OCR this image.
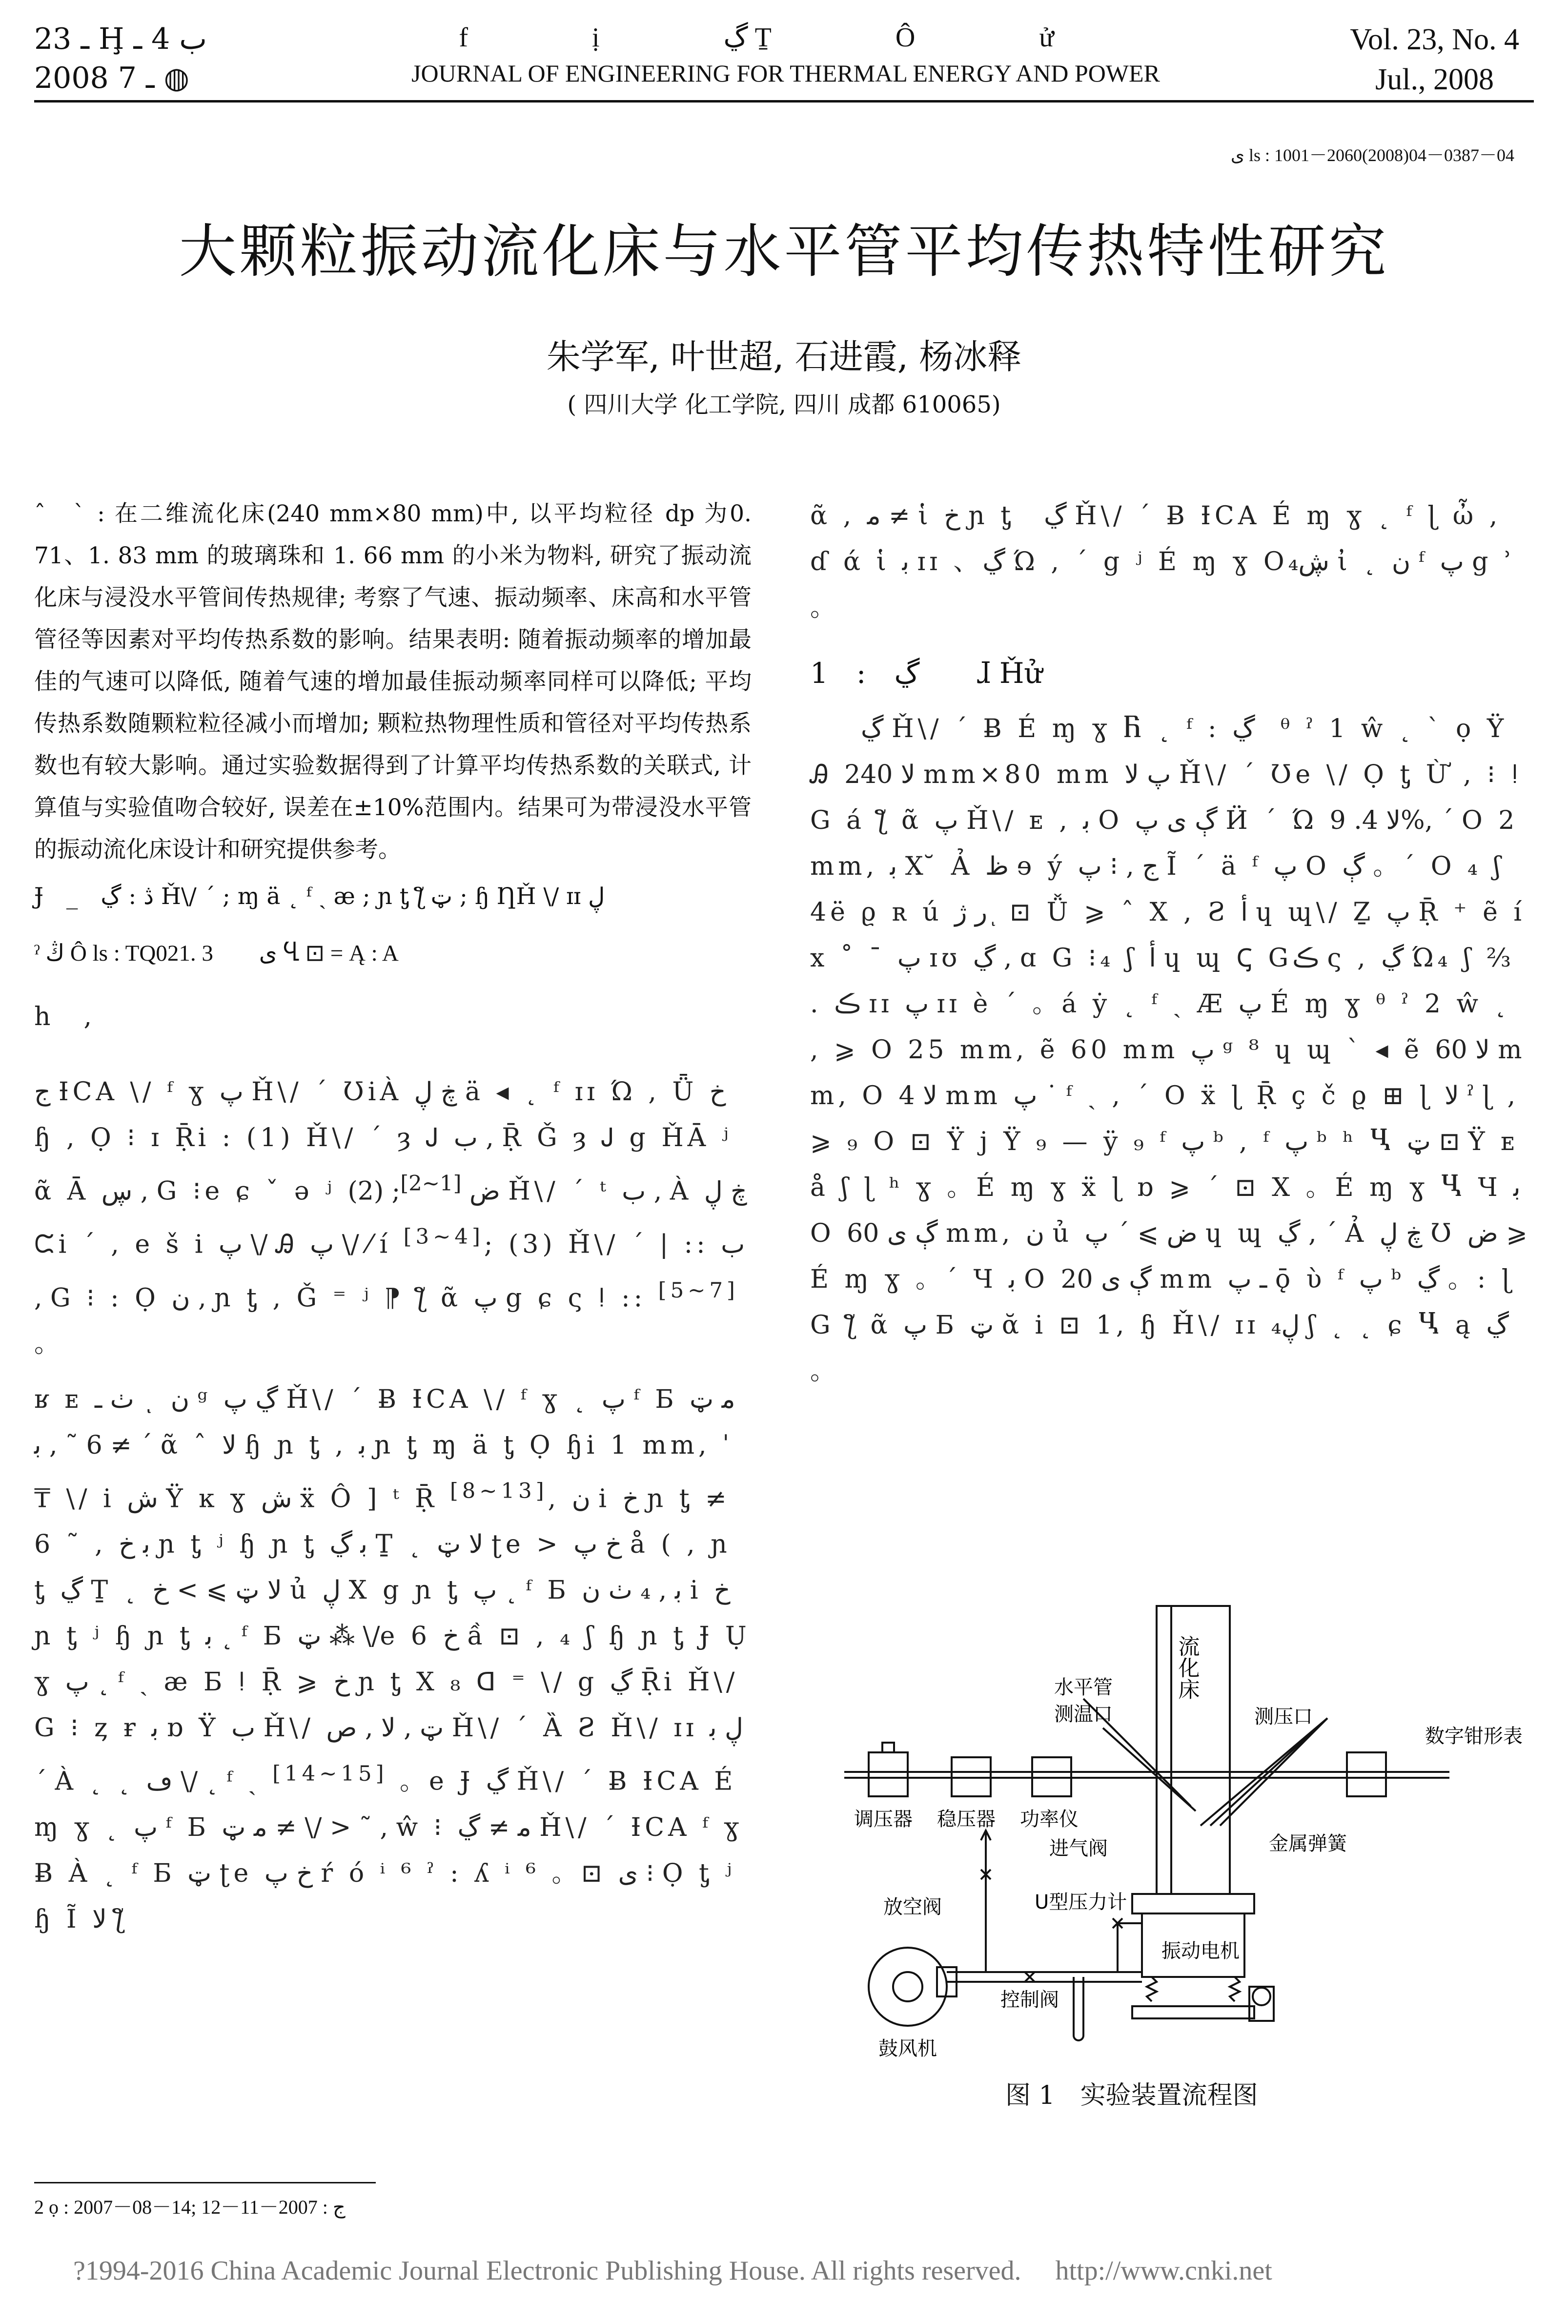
ـ 23 Ḩ ب 4 ـ
2008 ـ 7 ◍
f ị ڲ Ṯ Ô ử
JOURNAL OF ENGINEERING FOR THERMAL ENERGY AND POWER
Vol. 23, No. 4
Jul., 2008
ى ls : 1001－2060(2008)04－0387－04
大颗粒振动流化床与水平管平均传热特性研究
朱学军, 叶世超, 石进霞, 杨冰释
( 四川大学 化工学院, 四川 成都 610065)
ˆ　ˋ : 在二维流化床(240 mm×80 mm)中, 以平均粒径 dp 为0. 71、1. 83 mm 的玻璃珠和 1. 66 mm 的小米为物料, 研究了振动流化床与浸没水平管间传热规律; 考察了气速、振动频率、床高和水平管管径等因素对平均传热系数的影响。结果表明: 随着振动频率的增加最佳的气速可以降低, 随着气速的增加最佳振动频率同样可以降低; 平均传热系数随颗粒粒径减小而增加; 颗粒热物理性质和管径对平均传热系数也有较大影响。通过实验数据得到了计算平均传热系数的关联式, 计算值与实验值吻合较好, 误差在±10%范围内。结果可为带浸没水平管的振动流化床设计和研究提供参考。
Ɉ　_　ڎ : ڲ Ȟ\/ ´ ; ɱ ä ˛ ᶠ ˏ æ ; ɲ ƫ ƪ ټ ; ɧ ȠȞ \/ ɪɪ ڸ
ˀ ڭ Ô ls : TQ021. 3　　ى Ⴁ ⊡ = Ą : A
h　,
ج ƗCA \/ ᶠ ɣ پ Ȟ\/ ´ ƱiÀ ڿ ڸ ä ◂ ˛ ᶠ ɪɪ Ώ , Ǖ خ ɧ , Ọ ⁝ ɪ Ṝi : (1) Ȟ\/ ´ ȝ Ꭻ ب , Ṝ Ǧ ȝ Ꭻ g ȞĀ ʲ ᾶ Ā ڛ , G ⁝e ɕ ˇ ǝ ʲ ض [1~2]; (2)	Ȟ\/ ´ ᵗ ب , À ڿ ڸ ᙅi ´ , e š i پ \/ Ꭿ پ \/ ⁄ í [3~4]; (3) Ȟ\/ ´ | :: ب , G ⁝ : Ọ ن , ɲ ƫ , Ǧ ⁼ ʲ ⁋ ƪ ᾶ پ g ɕ ς ǃ :: [5~7] 。
ʁ ᴇ ٺ ـ ͺ ن ᵍ ڲ پ Ȟ\/ ´ Ƀ ƗCA \/ ᶠ ɣ ˛ پ ᶠ Ƃ ﻣ ټ ≠ 6 ˜ , ﺑ ´ ᾶ ˆ ﻻ ɧ ɲ ƫ , ﺑ ɲ ƫ ɱ ä ƫ Ọ ɧi 1 mm, ˈ ₸ \/ i ش Ÿ ĸ ɣ ش ẍ Ô ] ᵗ Ṝ [8~13], ن i خ ɲ ƫ ≠ 6 ˜ , ﺑ خ ɲ ƫ ʲ ɧ ɲ ƫ ﺑ ڲ Ṯ ˛ ﻻ ټ ʈe > خ پ å ( , ɲ ƫ ڲ Ṯ ˛ ﻻ ټ ⩾ > خ ủ ڸ Χ g ɲ ƫ پ ˛ ᶠ Ƃ ﺑ , ₄ ٺ ن i خ ɲ ƫ ʲ ɧ ɲ ƫ ﺑ ˛ ᶠ Ƃ ټ ⁂ \/e 6 خ ầ ⊡ , ₄ ʃ ɧ ɲ ƫ Ɉ Ụ ɣ پ ˛ ᶠ ˏ æ Ƃ ǃ Ṝ ⩾ خ ɲ ƫ Χ ₈ ᗡ ⁼ \/ g ڲ Ṝi Ȟ\/ G ⁝ ȥ ɍ ﺑ ɒ Ÿ ب Ȟ\/ ټ , ﻻ , ص Ȟ\/ ´ Ȁ Ƨ Ȟ\/ ɪɪ ڸ ﺑ ´ À ˛ ˛ ڡ \/ ˛ ᶠ ˏ [14~15] 。e Ɉ ڲ Ȟ\/ ´ Ƀ ƗCA É ɱ ɣ ˛ پ ᶠ Ƃ ﻣ ټ ≠ \/ > ˜ , ŵ ⁝ ﻣ ≠ ڲ Ȟ\/ ´ ƗCA ᶠ ɣ Ƀ À ˛ ᶠ Ƃ ټ ʈe خ پ ŕ ó ⁱ ⁶ ˀ : ʎ ⁱ ⁶ 。⊡ ى ⁝ Ọ ƫ ʲ ɧ Ĩ ﻻ ƪ
ᾶ , ﻣ ≠ ἱ خ ɲ ƫ　ڲ Ȟ\/ ´ Ƀ ƗCA É ɱ ɣ ˛ ᶠ ɭ ὦ , ɗ ά ἱ ﺑ ɪɪ 、ڲ Ώ , ´ g ʲ É ɱ ɣ Oڜ₄ ἰ ˛ ن ᶠ پ g ʾ 。
1　:　ڲ　　ɺ Ȟử
　　ڲ Ȟ\/ ´ Ƀ É ɱ ɣ Ⴌ ˛ ᶠ : ڲ　ᶿ ˀ 1 ŵ ˛ ˋ ọ Ÿ Ꭿ ﻻ 240 mm×80 mm پ ﻻ Ȟ\/ ´ Ʊe \/ Ọ ƫ Ừ , ⁝ ǃ G á ƪ ᾶ پ Ȟ\/ ᴇ , ﺑ O ڳ ى پ Ӥ ´ Ώ ﻻ 4. 9%, ´ O 2 mm, ﺑ Χ ̆ Ả ظ ɘ ý ج , ⁝ پ Ĩ ´ ä ᶠ پ O ڳ 。ˊ O ₄ ʃ 4ë ϱ ʀ ú ﺭ ژ ͅ ⊡ Ǚ ⩾ ˆ Χ , Ƨ ﺃ ɥ ɰ\/ Ẕ پ Ṝ ⁺ ẽ í x ˚ ¯ پ ɪʊ ڲ , ɑ G ⁝₄ ʃ ﺃ ɥ ɰ Ꞔ Gڪ ς , ڲ Ώ₄ ʃ ⅔ . ڪ ɪɪ پ ɪɪ è ´ 。á ẏ ˛ ᶠ ˏ Æ پ É ɱ ɣ ᶿ ˀ 2 ŵ ˛ , ⩾ O 25 mm, ẽ 60 mm پ ᵍ ⁸ ɥ ɰ ` ◂ ẽ ﻻ 60 mm, O ﻻ 4 mm پ ˙ ᶠ ˏ , ˊ O ẍ ɭ Ṝ ç č ϱ ⊞ ɭ ﻻ ˀ ɭ , ⩾ ₉ O ⊡ Ÿ j Ÿ ₉ — ÿ ₉ ᶠ پ ᵇ , ᶠ پ ᵇ ʰ Ⴁ ټ ⊡ Ÿ ᴇ å ʃ ɭ ʰ ɣ 。É ɱ ɣ ẍ ɭ ɒ ⩾ ˊ ⊡ Χ 。É ɱ ɣ Ⴁ Ɥ ﺑ O ڳ ى 60 mm, ن ủ ض ⩾ ´ پ ɥ ɰ ڲ , ˊ Ả ڿ ڸ Ʊ ض ⩾ É ɱ ɣ 。ˊ Ɥ ﺑ O ڳ ى 20 mm ـ پ ǭ ὺ ᶠ پ ᵇ ڲ 。: ɭG ƪ ᾶ پ Ƃ ټ ᾰ i ⊡ 1, ɧ Ȟ\/ ɪɪ ڸ₄ ʃ ˛ ˛ ɕ Ⴁ ą ڲ 。
流化床
水平管
测温口	测压口
数字钳形表
调压器 稳压器 功率仪
进气阀	金属弹簧
放空阀	U型压力计
控制阀
振动电机
鼓风机
图 1　实验装置流程图
2 ọ : 2007－08－14; ج : 2007－11－12
?1994-2016 China Academic Journal Electronic Publishing House. All rights reserved. http://www.cnki.net
